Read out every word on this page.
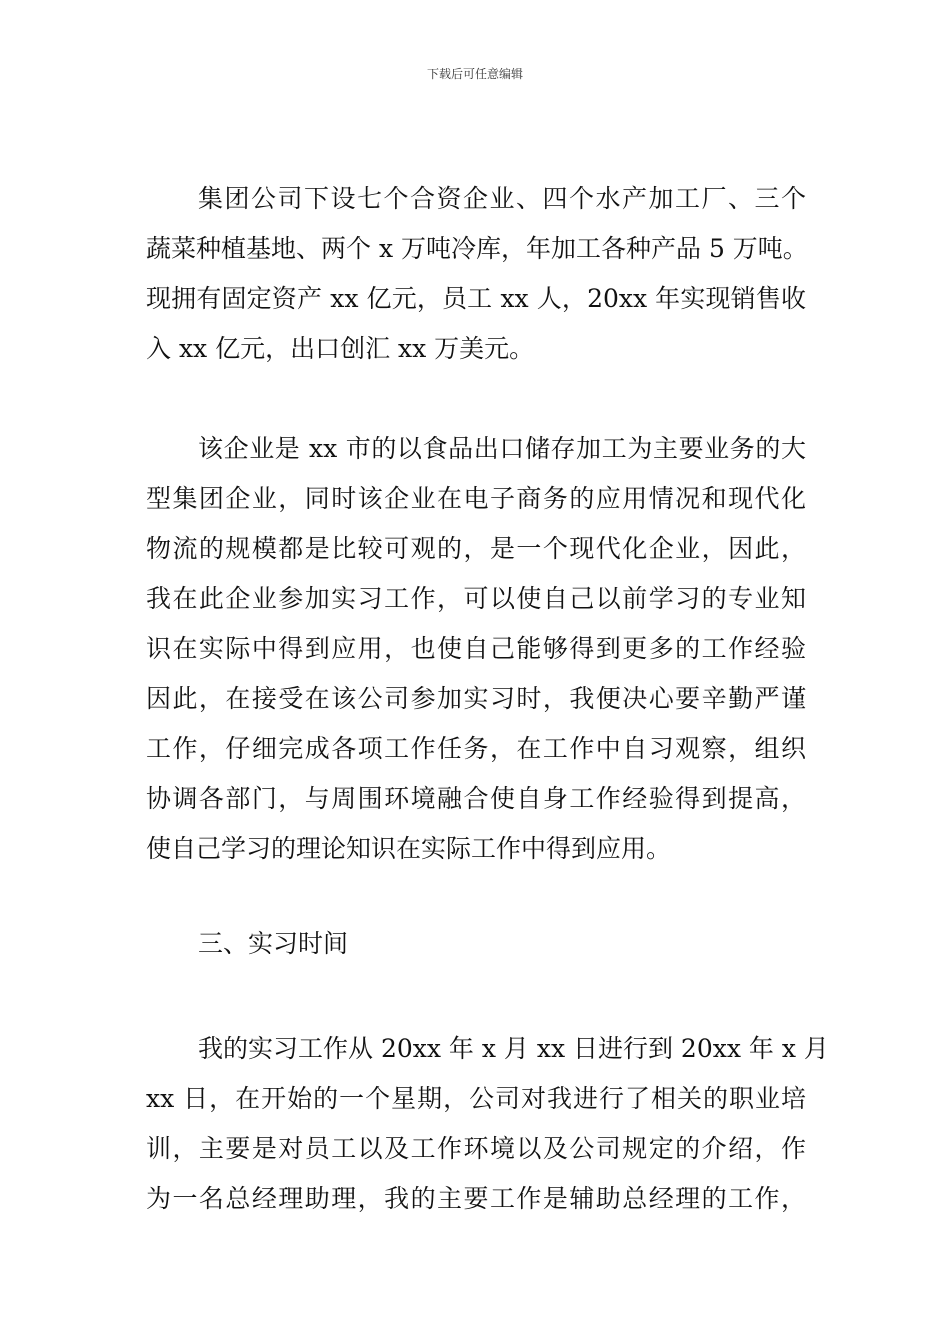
下载后可任意编辑
集团公司下设七个合资企业、四个水产加工厂、三个
蔬菜种植基地、两个 x 万吨冷库，年加工各种产品 5 万吨。
现拥有固定资产 xx 亿元，员工 xx 人，20xx 年实现销售收
入 xx 亿元，出口创汇 xx 万美元。
该企业是 xx 市的以食品出口储存加工为主要业务的大
型集团企业，同时该企业在电子商务的应用情况和现代化
物流的规模都是比较可观的，是一个现代化企业，因此，
我在此企业参加实习工作，可以使自己以前学习的专业知
识在实际中得到应用，也使自己能够得到更多的工作经验
因此，在接受在该公司参加实习时，我便决心要辛勤严谨
工作，仔细完成各项工作任务，在工作中自习观察，组织
协调各部门，与周围环境融合使自身工作经验得到提高，
使自己学习的理论知识在实际工作中得到应用。
三、实习时间
我的实习工作从 20xx 年 x 月 xx 日进行到 20xx 年 x 月
xx 日，在开始的一个星期，公司对我进行了相关的职业培
训，主要是对员工以及工作环境以及公司规定的介绍，作
为一名总经理助理，我的主要工作是辅助总经理的工作，
